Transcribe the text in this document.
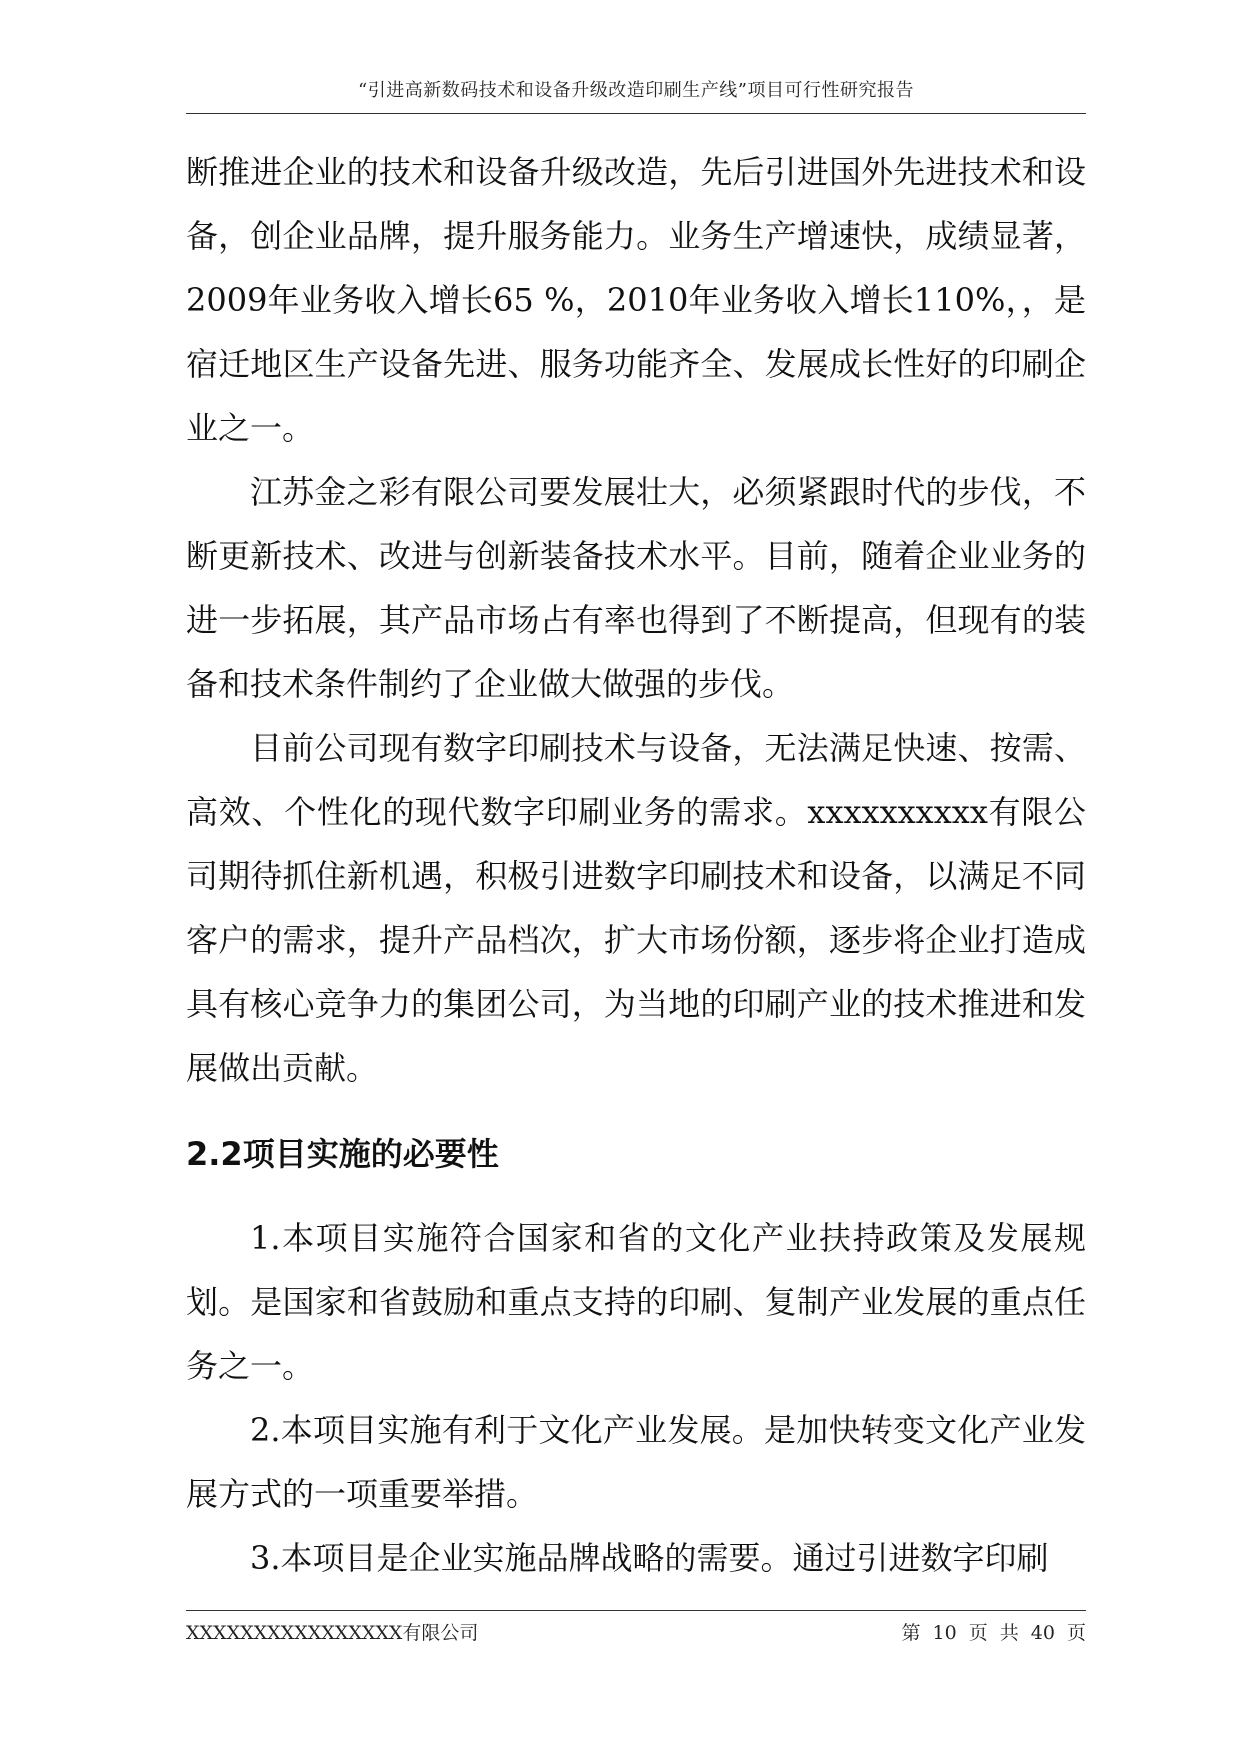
“引进高新数码技术和设备升级改造印刷生产线”项目可行性研究报告

断推进企业的技术和设备升级改造，先后引进国外先进技术和设备，创企业品牌，提升服务能力。业务生产增速快，成绩显著，2009年业务收入增长65 %，2010年业务收入增长110%，，是宿迁地区生产设备先进、服务功能齐全、发展成长性好的印刷企业之一。

江苏金之彩有限公司要发展壮大，必须紧跟时代的步伐，不断更新技术、改进与创新装备技术水平。目前，随着企业业务的进一步拓展，其产品市场占有率也得到了不断提高，但现有的装备和技术条件制约了企业做大做强的步伐。

目前公司现有数字印刷技术与设备，无法满足快速、按需、高效、个性化的现代数字印刷业务的需求。xxxxxxxxxx有限公司期待抓住新机遇，积极引进数字印刷技术和设备，以满足不同客户的需求，提升产品档次，扩大市场份额，逐步将企业打造成具有核心竞争力的集团公司，为当地的印刷产业的技术推进和发展做出贡献。

2.2项目实施的必要性

1.本项目实施符合国家和省的文化产业扶持政策及发展规划。是国家和省鼓励和重点支持的印刷、复制产业发展的重点任务之一。

2.本项目实施有利于文化产业发展。是加快转变文化产业发展方式的一项重要举措。

3.本项目是企业实施品牌战略的需要。通过引进数字印刷

XXXXXXXXXXXXXXXX有限公司	第 10 页 共 40 页
